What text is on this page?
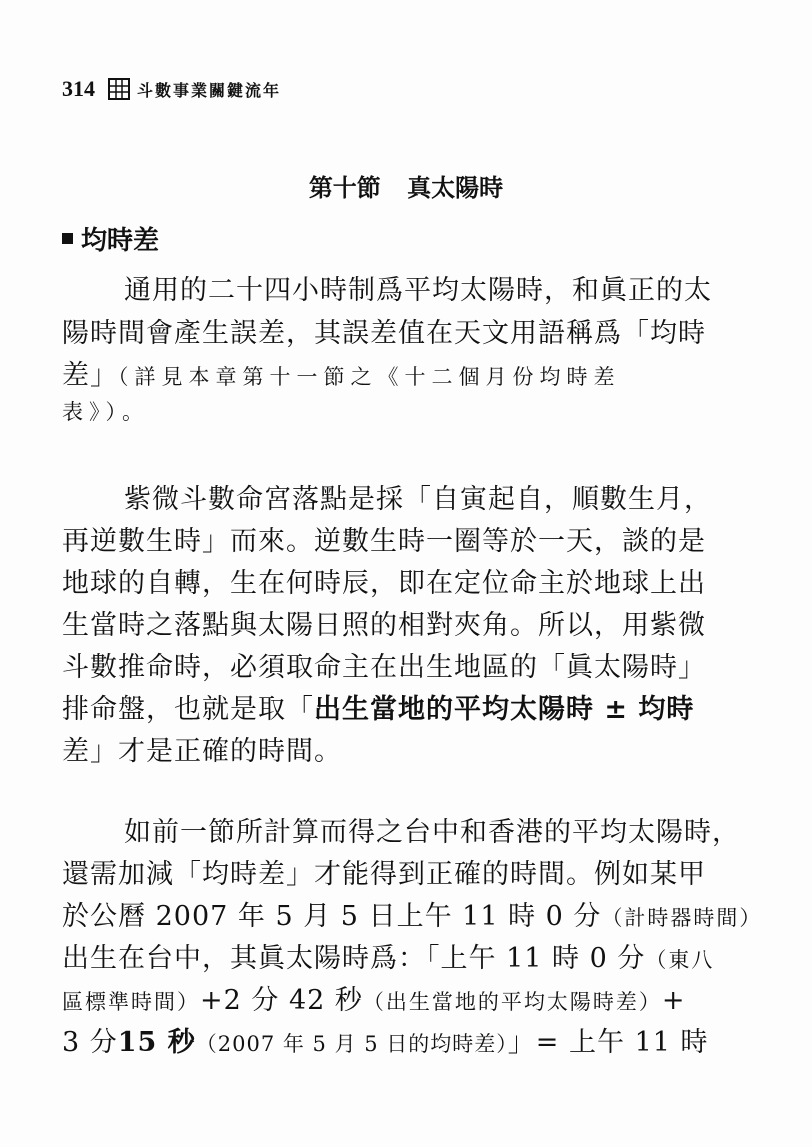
314	斗數事業關鍵流年
第十節 真太陽時
均時差
通用的二十四小時制爲平均太陽時，和眞正的太
陽時間會產生誤差，其誤差值在天文用語稱爲「均時
差」（詳見本章第十一節之《十二個月份均時差
表》）。
紫微斗數命宮落點是採「自寅起自，順數生月，
再逆數生時」而來。逆數生時一圈等於一天，談的是
地球的自轉，生在何時辰，即在定位命主於地球上出
生當時之落點與太陽日照的相對夾角。所以，用紫微
斗數推命時，必須取命主在出生地區的「眞太陽時」
排命盤，也就是取「出生當地的平均太陽時 ± 均時
差」才是正確的時間。
如前一節所計算而得之台中和香港的平均太陽時，
還需加減「均時差」才能得到正確的時間。例如某甲
於公曆 2007 年 5 月 5 日上午 11 時 0 分（計時器時間）
出生在台中，其眞太陽時爲：「上午 11 時 0 分（東八
區標準時間）+2 分 42 秒（出生當地的平均太陽時差）+
3 分15 秒（2007 年 5 月 5 日的均時差）」= 上午 11 時
